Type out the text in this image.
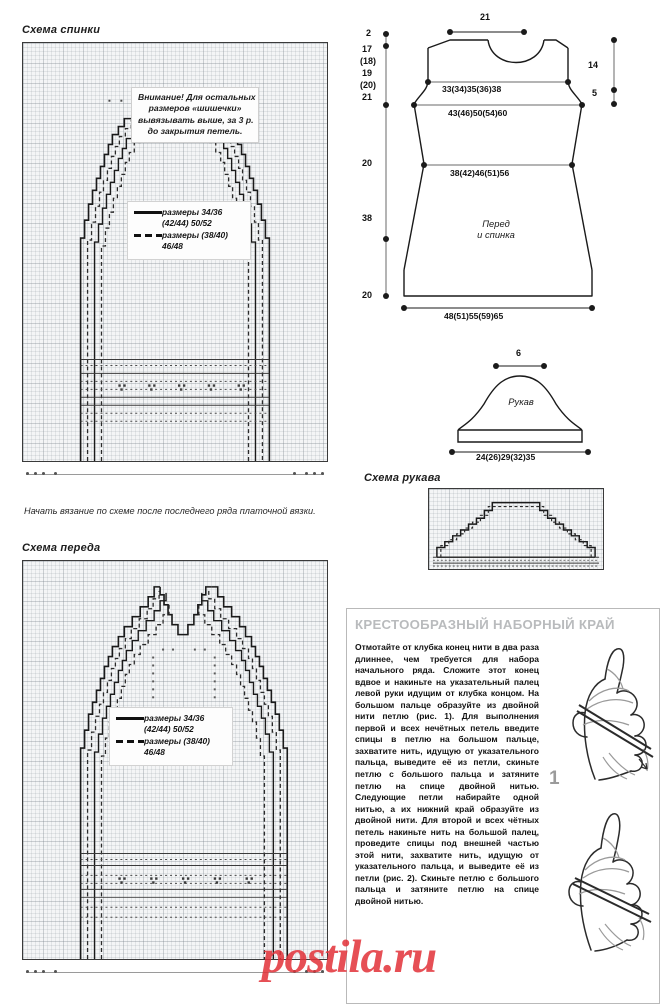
Схема спинки
Внимание! Для остальных
размеров «шишечки»
вывязывать выше, за 3 р.
до закрытия петель.
размеры 34/36
(42/44) 50/52
размеры (38/40)
46/48
Начать вязание по схеме после последнего ряда платочной вязки.
Схема переда
размеры 34/36
(42/44) 50/52
размеры (38/40)
46/48
21
33(34)35(36)38
43(46)50(54)60
38(42)46(51)56
48(51)55(59)65
Перед
и спинка
2
17
(18)
19
(20)
21
20
38
20
14
5
6
Рукав
24(26)29(32)35
Схема рукава
КРЕСТООБРАЗНЫЙ НАБОРНЫЙ КРАЙ
Отмотайте от клубка конец нити в два раза длиннее, чем требуется для набора начального ряда. Сложите этот конец вдвое и накиньте на указательный палец левой руки идущим от клубка концом. На большом пальце образуйте из двойной нити петлю (рис. 1). Для выполнения первой и всех нечётных петель введите спицы в петлю на большом пальце, захватите нить, идущую от указательного пальца, выведите её из петли, скиньте петлю с большого пальца и затяните петлю на спице двойной нитью. Следующие петли набирайте одной нитью, а их нижний край образуйте из двойной нити. Для второй и всех чётных петель накиньте нить на большой палец, проведите спицы под внешней частью этой нити, захватите нить, идущую от указательного пальца, и выведите её из петли (рис. 2). Скиньте петлю с большого пальца и затяните петлю на спице двойной нитью.
1
postila.ru
